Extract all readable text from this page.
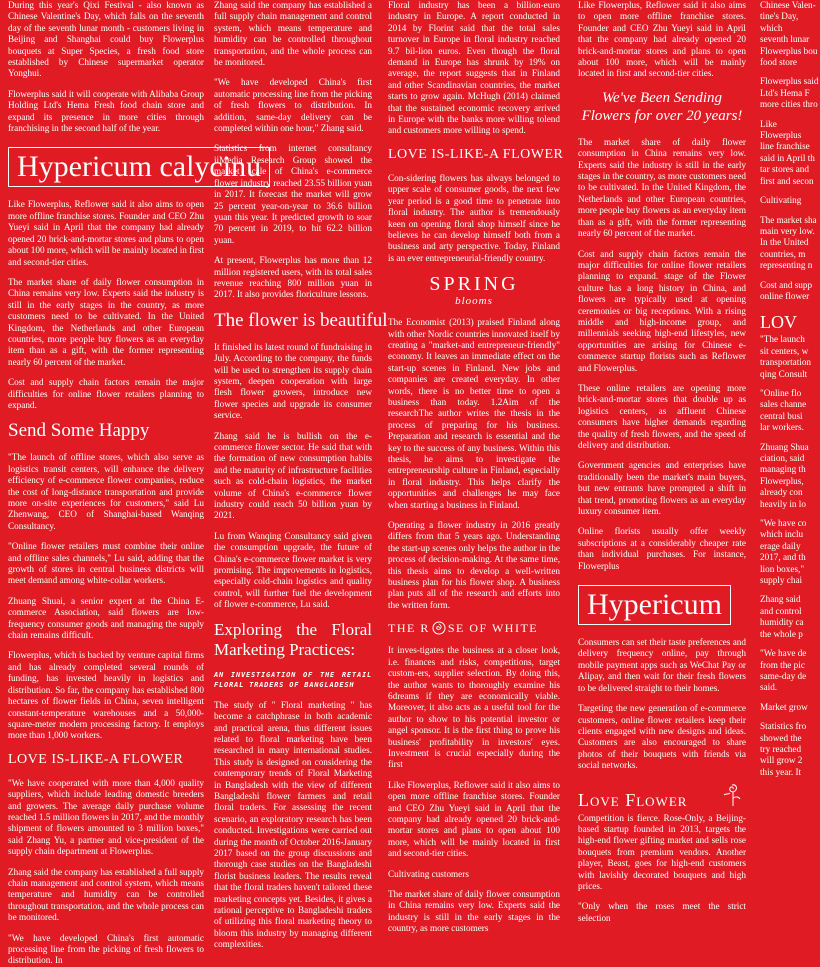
During this year's Qixi Festival - also known as Chinese Valentine's Day, which falls on the seventh day of the seventh lunar month - customers living in Beijing and Shanghai could buy Flowerplus bouquets at Super Species, a fresh food store established by Chinese supermarket operator Yonghui.

Flowerplus said it will cooperate with Alibaba Group Holding Ltd's Hema Fresh food chain store and expand its presence in more cities through franchising in the second half of the year.

Hypericum calycinu

Like Flowerplus, Reflower said it also aims to open more offline franchise stores. Founder and CEO Zhu Yueyi said in April that the company had already opened 20 brick-and-mortar stores and plans to open about 100 more, which will be mainly located in first and second-tier cities.

The market share of daily flower consumption in China remains very low. Experts said the industry is still in the early stages in the country, as more customers need to be cultivated. In the United Kingdom, the Netherlands and other European countries, more people buy flowers as an everyday item than as a gift, with the former representing nearly 60 percent of the market.

Cost and supply chain factors remain the major difficulties for online flower retailers planning to expand.

Send Some Happy

"The launch of offline stores, which also serve as logistics transit centers, will enhance the delivery efficiency of e-commerce flower companies, reduce the cost of long-distance transportation and provide more on-site experiences for customers," said Lu Zhenwang, CEO of Shanghai-based Wanqing Consultancy.

"Online flower retailers must combine their online and offline sales channels," Lu said, adding that the growth of stores in central business districts will meet demand among white-collar workers.

Zhuang Shuai, a senior expert at the China E-commerce Association, said flowers are low-frequency consumer goods and managing the supply chain remains difficult.

Flowerplus, which is backed by venture capital firms and has already completed several rounds of funding, has invested heavily in logistics and distribution. So far, the company has established 800 hectares of flower fields in China, seven intelligent constant-temperature warehouses and a 50,000-square-meter modern processing factory. It employs more than 1,000 workers.

LOVE IS-LIKE-A FLOWER

"We have cooperated with more than 4,000 quality suppliers, which include leading domestic breeders and growers. The average daily purchase volume reached 1.5 million flowers in 2017, and the monthly shipment of flowers amounted to 3 million boxes," said Zhang Yu, a partner and vice-president of the supply chain department at Flowerplus.

Zhang said the company has established a full supply chain management and control system, which means temperature and humidity can be controlled throughout transportation, and the whole process can be monitored.

"We have developed China's first automatic processing line from the picking of fresh flowers to distribution. In

Zhang said the company has established a full supply chain management and control system, which means temperature and humidity can be controlled throughout transportation, and the whole process can be monitored.

"We have developed China's first automatic processing line from the picking of fresh flowers to distribution. In addition, same-day delivery can be completed within one hour," Zhang said.

Statistics from internet consultancy iiMedia Research Group showed the market scale of China's e-commerce flower industry reached 23.55 billion yuan in 2017. It forecast the market will grow 25 percent year-on-year to 36.6 billion yuan this year. It predicted growth to soar 70 percent in 2019, to hit 62.2 billion yuan.

At present, Flowerplus has more than 12 million registered users, with its total sales revenue reaching 800 million yuan in 2017. It also provides floriculture lessons.

The flower is beautiful

It finished its latest round of fundraising in July. According to the company, the funds will be used to strengthen its supply chain system, deepen cooperation with large flesh flower growers, introduce new flower species and upgrade its consumer service.

Zhang said he is bullish on the e-commerce flower sector. He said that with the formation of new consumption habits and the maturity of infrastructure facilities such as cold-chain logistics, the market volume of China's e-commerce flower industry could reach 50 billion yuan by 2021.

Lu from Wanqing Consultancy said given the consumption upgrade, the future of China's e-commerce flower market is very promising. The improvements in logistics, especially cold-chain logistics and quality control, will further fuel the development of flower e-commerce, Lu said.

Exploring the Floral Marketing Practices:
AN INVESTIGATION OF THE RETAIL FLORAL TRADERS OF BANGLADESH

The study of " Floral marketing " has become a catchphrase in both academic and practical arena, thus different issues related to floral marketing have been researched in many international studies. This study is designed on considering the contemporary trends of Floral Marketing in Bangladesh with the view of different Bangladeshi flower farmers and retail floral traders. For assessing the recent scenario, an exploratory research has been conducted. Investigations were carried out during the month of October 2016-January 2017 based on the group discussions and thorough case studies on the Bangladeshi florist business leaders. The results reveal that the floral traders haven't tailored these marketing concepts yet. Besides, it gives a rational perceptive to Bangladeshi traders of utilizing this floral marketing theory to bloom this industry by managing different complexities.

Floral industry has been a billion-euro industry in Europe. A report conducted in 2014 by Florint said that the total sales turnover in Europe in floral industry reached 9.7 bil-lion euros. Even though the floral demand in Europe has shrunk by 19% on average, the report suggests that in Finland and other Scandinavian countries, the market starts to grow again. McHugh (2014) claimed that the sustained economic recovery arrived in Europe with the banks more willing tolend and customers more willing to spend.

LOVE IS-LIKE-A FLOWER

Con-sidering flowers has always belonged to upper scale of consumer goods, the next few year period is a good time to penetrate into floral industry. The author is tremendously keen on opening floral shop himself since he believes he can develop himself both from a business and arty perspective. Today, Finland is an ever entrepreneurial-friendly country.

SPRING
blooms

The Economist (2013) praised Finland along with other Nordic countries innovated itself by creating a "market-and entrepreneur-friendly" economy. It leaves an immediate effect on the start-up scenes in Finland. New jobs and companies are created everyday. In other words, there is no better time to open a business than today. 1.2Aim of the researchThe author writes the thesis in the process of preparing for his business. Preparation and research is essential and the key to the success of any business. Within this thesis, he aims to investigate the entrepreneurship culture in Finland, especially in floral industry. This helps clarify the opportunities and challenges he may face when starting a business in Finland.

Operating a flower industry in 2016 greatly differs from that 5 years ago. Understanding the start-up scenes only helps the author in the process of decision-making. At the same time, this thesis aims to develop a well-written business plan for his flower shop. A business plan puts all of the research and efforts into the written form.

THE R SE OF WHITE

It inves-tigates the business at a closer look, i.e. finances and risks, competitions, target custom-ers, supplier selection. By doing this, the author wants to thoroughly examine his 6dreams if they are economically viable. Moreover, it also acts as a useful tool for the author to show to his potential investor or angel sponsor. It is the first thing to prove his business' profitability in investors' eyes. Investment is crucial especially during the first

Like Flowerplus, Reflower said it also aims to open more offline franchise stores. Founder and CEO Zhu Yueyi said in April that the company had already opened 20 brick-and-mortar stores and plans to open about 100 more, which will be mainly located in first and second-tier cities.

Cultivating customers

The market share of daily flower consumption in China remains very low. Experts said the industry is still in the early stages in the country, as more customers

Like Flowerplus, Reflower said it also aims to open more offline franchise stores. Founder and CEO Zhu Yueyi said in April that the company had already opened 20 brick-and-mortar stores and plans to open about 100 more, which will be mainly located in first and second-tier cities.

We've Been Sending
Flowers for over 20 years!

The market share of daily flower consumption in China remains very low. Experts said the industry is still in the early stages in the country, as more customers need to be cultivated. In the United Kingdom, the Netherlands and other European countries, more people buy flowers as an everyday item than as a gift, with the former representing nearly 60 percent of the market.

Cost and supply chain factors remain the major difficulties for online flower retailers planning to expand. stage of the Flower culture has a long history in China, and flowers are typically used at opening ceremonies or big receptions. With a rising middle and high-income group, and millennials seeking high-end lifestyles, new opportunities are arising for Chinese e-commerce startup florists such as Reflower and Flowerplus.

These online retailers are opening more brick-and-mortar stores that double up as logistics centers, as affluent Chinese consumers have higher demands regarding the quality of fresh flowers, and the speed of delivery and distribution.

Government agencies and enterprises have traditionally been the market's main buyers, but new entrants have prompted a shift in that trend, promoting flowers as an everyday luxury consumer item.

Online florists usually offer weekly subscriptions at a considerably cheaper rate than individual purchases. For instance, Flowerplus

Hypericum

Consumers can set their taste preferences and delivery frequency online, pay through mobile payment apps such as WeChat Pay or Alipay, and then wait for their fresh flowers to be delivered straight to their homes.

Targeting the new generation of e-commerce customers, online flower retailers keep their clients engaged with new designs and ideas. Customers are also encouraged to share photos of their bouquets with friends via social networks.

Love Flower

Competition is fierce. Rose-Only, a Beijing-based startup founded in 2013, targets the high-end flower gifting market and sells rose bouquets from premium vendors. Another player, Beast, goes for high-end customers with lavishly decorated bouquets and high prices.

"Only when the roses meet the strict selection

Chinese Valen-
tine's Day, which
seventh lunar
Flowerplus bou
food store
Flowerplus said
Ltd's Hema F
more cities thro
Like Flowerplus
line franchise
said in April th
tar stores and
first and secon
Cultivating
The market sha
main very low.
In the United
countries, m
representing n
Cost and supp
online flower
LOV
"The launch
sit centers, w
transportation
qing Consult
"Online flo
sales channe
central busi
lar workers.
Zhuang Shua
ciation, said
managing th
Flowerplus,
already con
heavily in lo
"We have co
which inclu
erage daily
2017, and th
lion boxes,"
supply chai
Zhang said
and control
humidity ca
the whole p
"We have de
from the pic
same-day de
said.
Market grow
Statistics fro
showed the
try reached
will grow 2
this year. It
